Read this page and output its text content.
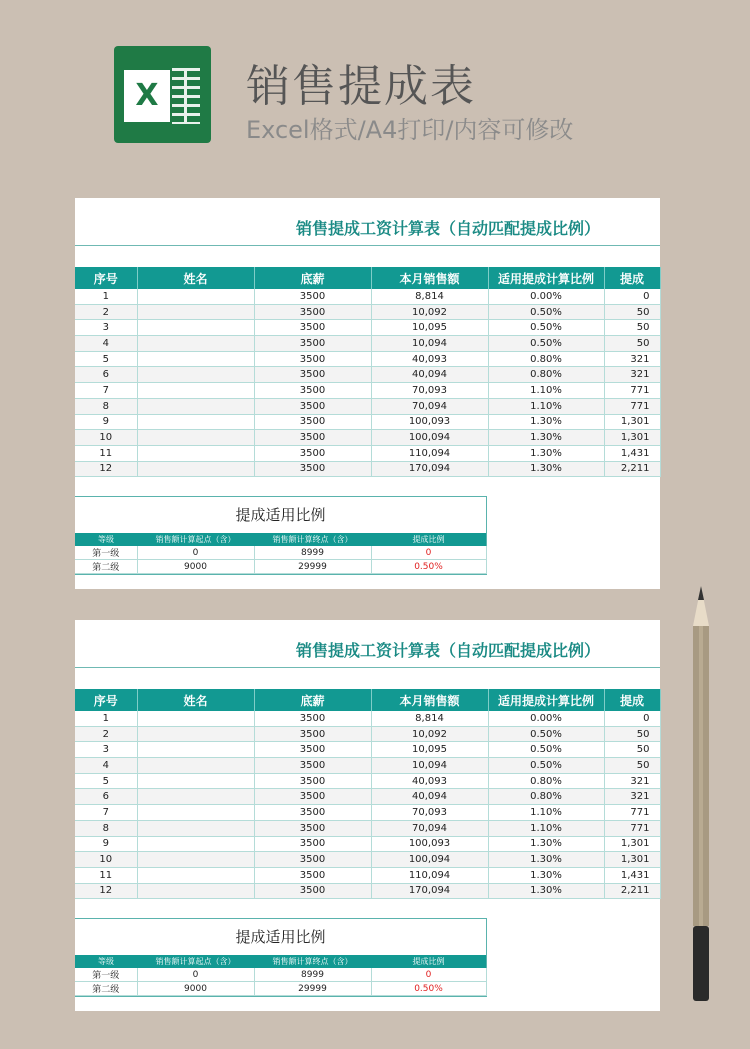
X 销售提成表
Excel格式/A4打印/内容可修改
销售提成工资计算表（自动匹配提成比例）
序号	姓名	底薪	本月销售额	适用提成计算比例	提成
1		3500	8,814	0.00%	0
2		3500	10,092	0.50%	50
3		3500	10,095	0.50%	50
4		3500	10,094	0.50%	50
5		3500	40,093	0.80%	321
6		3500	40,094	0.80%	321
7		3500	70,093	1.10%	771
8		3500	70,094	1.10%	771
9		3500	100,093	1.30%	1,301
10		3500	100,094	1.30%	1,301
11		3500	110,094	1.30%	1,431
12		3500	170,094	1.30%	2,211
提成适用比例
等级	销售额计算起点（含）	销售额计算终点（含）	提成比例
第一级	0	8999	0
第二级	9000	29999	0.50%
销售提成工资计算表（自动匹配提成比例）
序号	姓名	底薪	本月销售额	适用提成计算比例	提成
1		3500	8,814	0.00%	0
2		3500	10,092	0.50%	50
3		3500	10,095	0.50%	50
4		3500	10,094	0.50%	50
5		3500	40,093	0.80%	321
6		3500	40,094	0.80%	321
7		3500	70,093	1.10%	771
8		3500	70,094	1.10%	771
9		3500	100,093	1.30%	1,301
10		3500	100,094	1.30%	1,301
11		3500	110,094	1.30%	1,431
12		3500	170,094	1.30%	2,211
提成适用比例
等级	销售额计算起点（含）	销售额计算终点（含）	提成比例
第一级	0	8999	0
第二级	9000	29999	0.50%
